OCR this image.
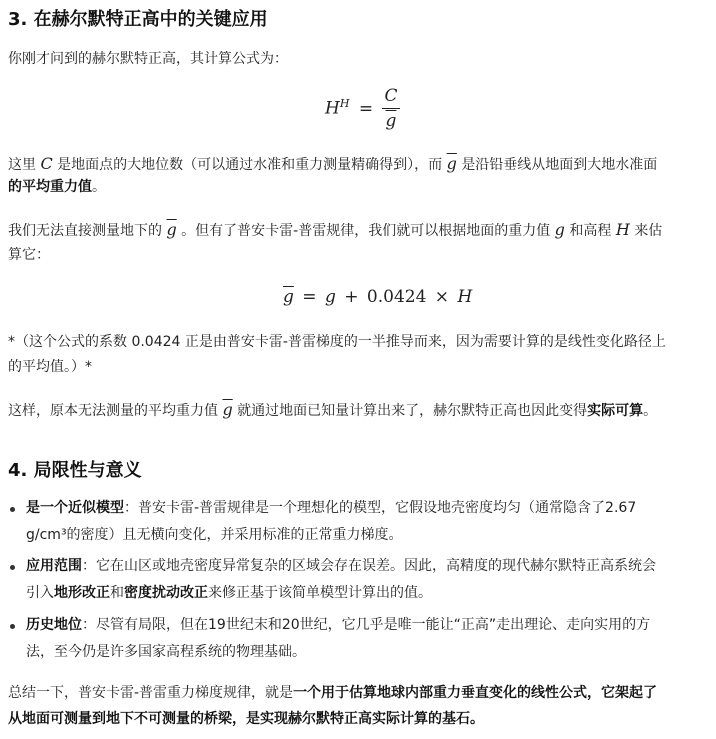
3. 在赫尔默特正高中的关键应用
你刚才问到的赫尔默特正高，其计算公式为：
$H^H = \frac{C}{g}$
这里 C 是地面点的大地位数（可以通过水准和重力测量精确得到），而 $\overline{g}$ 是沿铅垂线从地面到大地水准面
的平均重力值。
我们无法直接测量地下的 $\overline{g}$ 。但有了普安卡雷-普雷规律，我们就可以根据地面的重力值 g 和高程 H 来估
算它：
$\overline{g} = g + 0.0424 \times H$
*（这个公式的系数 0.0424 正是由普安卡雷-普雷梯度的一半推导而来，因为需要计算的是线性变化路径上
的平均值。）*
这样，原本无法测量的平均重力值 $\overline{g}$ 就通过地面已知量计算出来了，赫尔默特正高也因此变得实际可算。
4. 局限性与意义
是一个近似模型：普安卡雷-普雷规律是一个理想化的模型，它假设地壳密度均匀（通常隐含了2.67
g/cm³的密度）且无横向变化，并采用标准的正常重力梯度。
应用范围：它在山区或地壳密度异常复杂的区域会存在误差。因此，高精度的现代赫尔默特正高系统会
引入地形改正和密度扰动改正来修正基于该简单模型计算出的值。
历史地位：尽管有局限，但在19世纪末和20世纪，它几乎是唯一能让“正高”走出理论、走向实用的方
法，至今仍是许多国家高程系统的物理基础。
总结一下，普安卡雷-普雷重力梯度规律，就是一个用于估算地球内部重力垂直变化的线性公式，它架起了
从地面可测量到地下不可测量的桥梁，是实现赫尔默特正高实际计算的基石。
